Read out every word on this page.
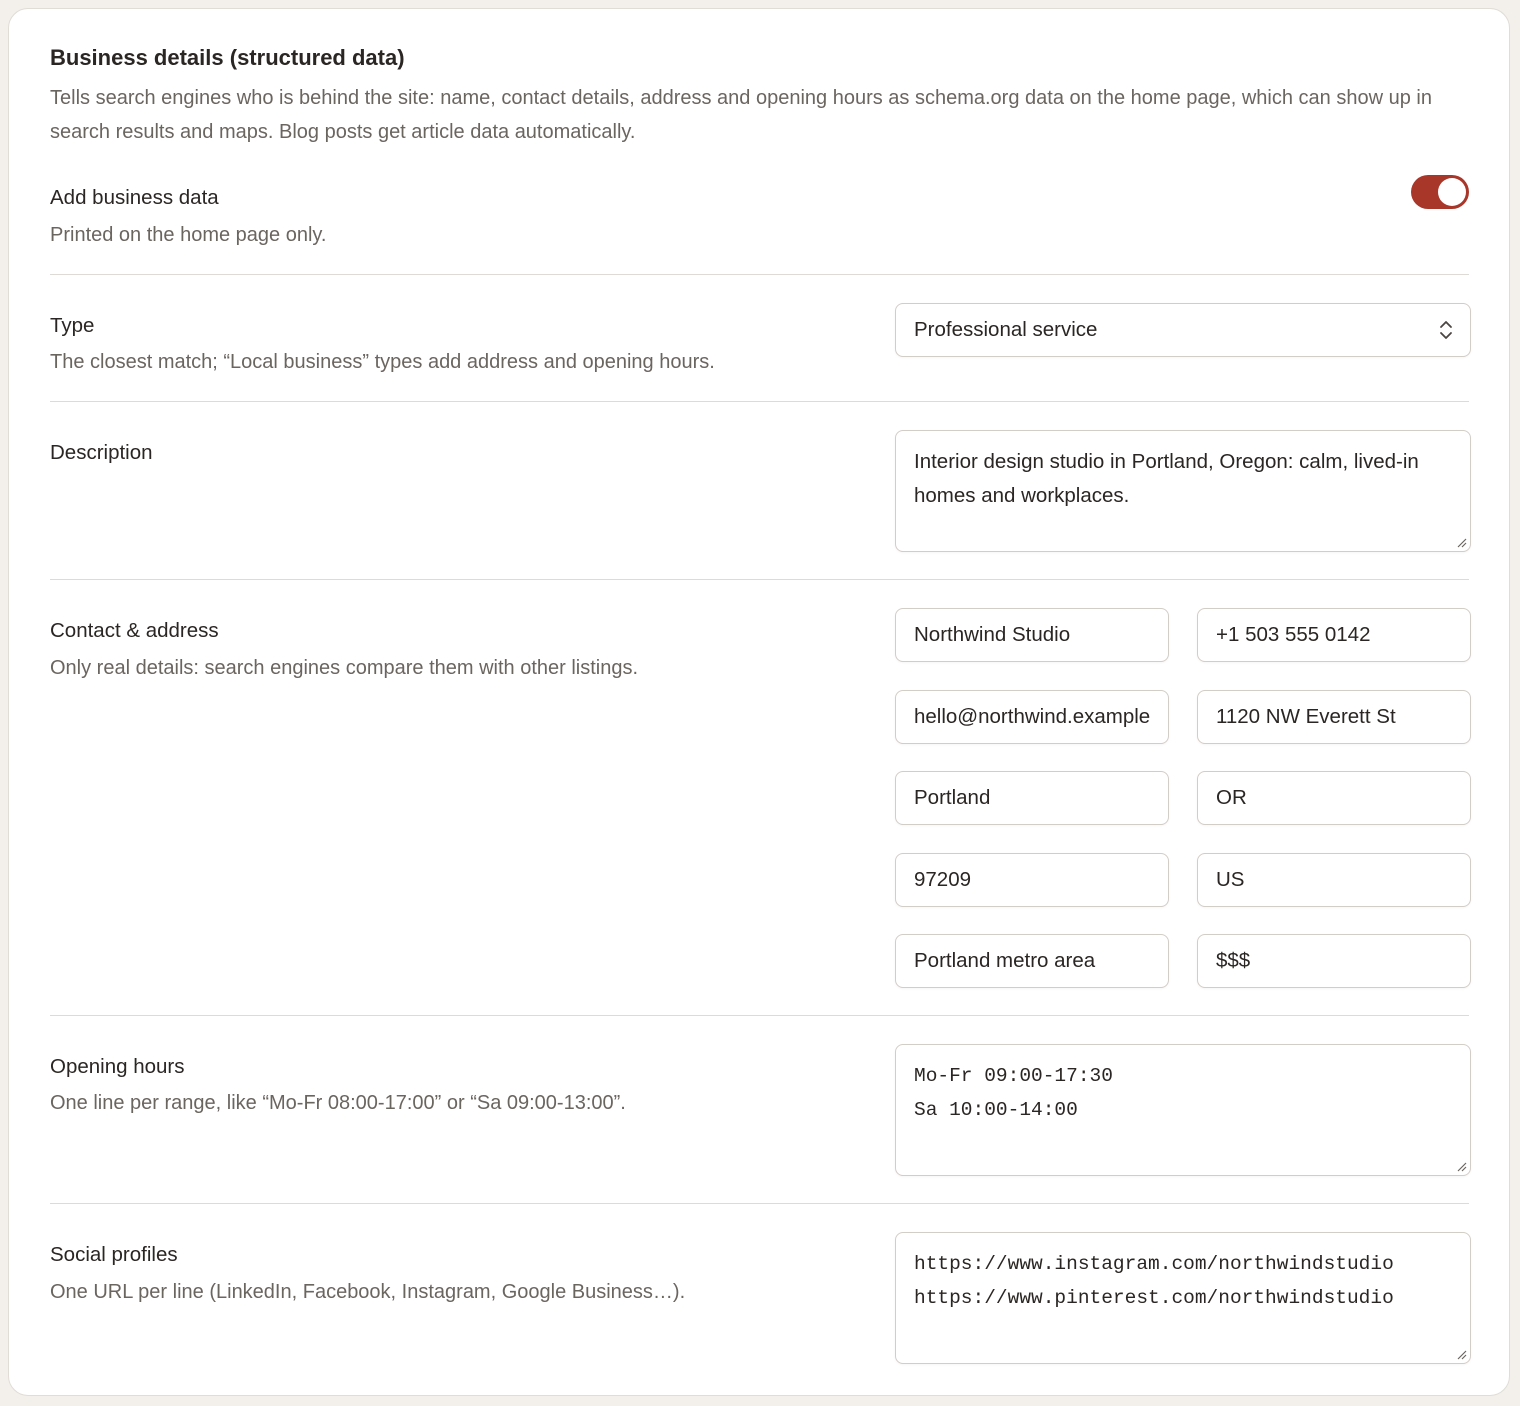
Business details (structured data)
Tells search engines who is behind the site: name, contact details, address and opening hours as schema.org data on the home page, which can show up in search results and maps. Blog posts get article data automatically.
Add business data
Printed on the home page only.
Type
The closest match; “Local business” types add address and opening hours.
Professional service
Description	Interior design studio in Portland, Oregon: calm, lived-in homes and workplaces.
Contact & address
Only real details: search engines compare them with other listings.
Northwind Studio	+1 503 555 0142
hello@northwind.example	1120 NW Everett St
Portland	OR
97209	US
Portland metro area	$$$
Opening hours
One line per range, like “Mo-Fr 08:00-17:00” or “Sa 09:00-13:00”.
Mo-Fr 09:00-17:30
Sa 10:00-14:00
Social profiles
One URL per line (LinkedIn, Facebook, Instagram, Google Business…).
https://www.instagram.com/northwindstudio
https://www.pinterest.com/northwindstudio
